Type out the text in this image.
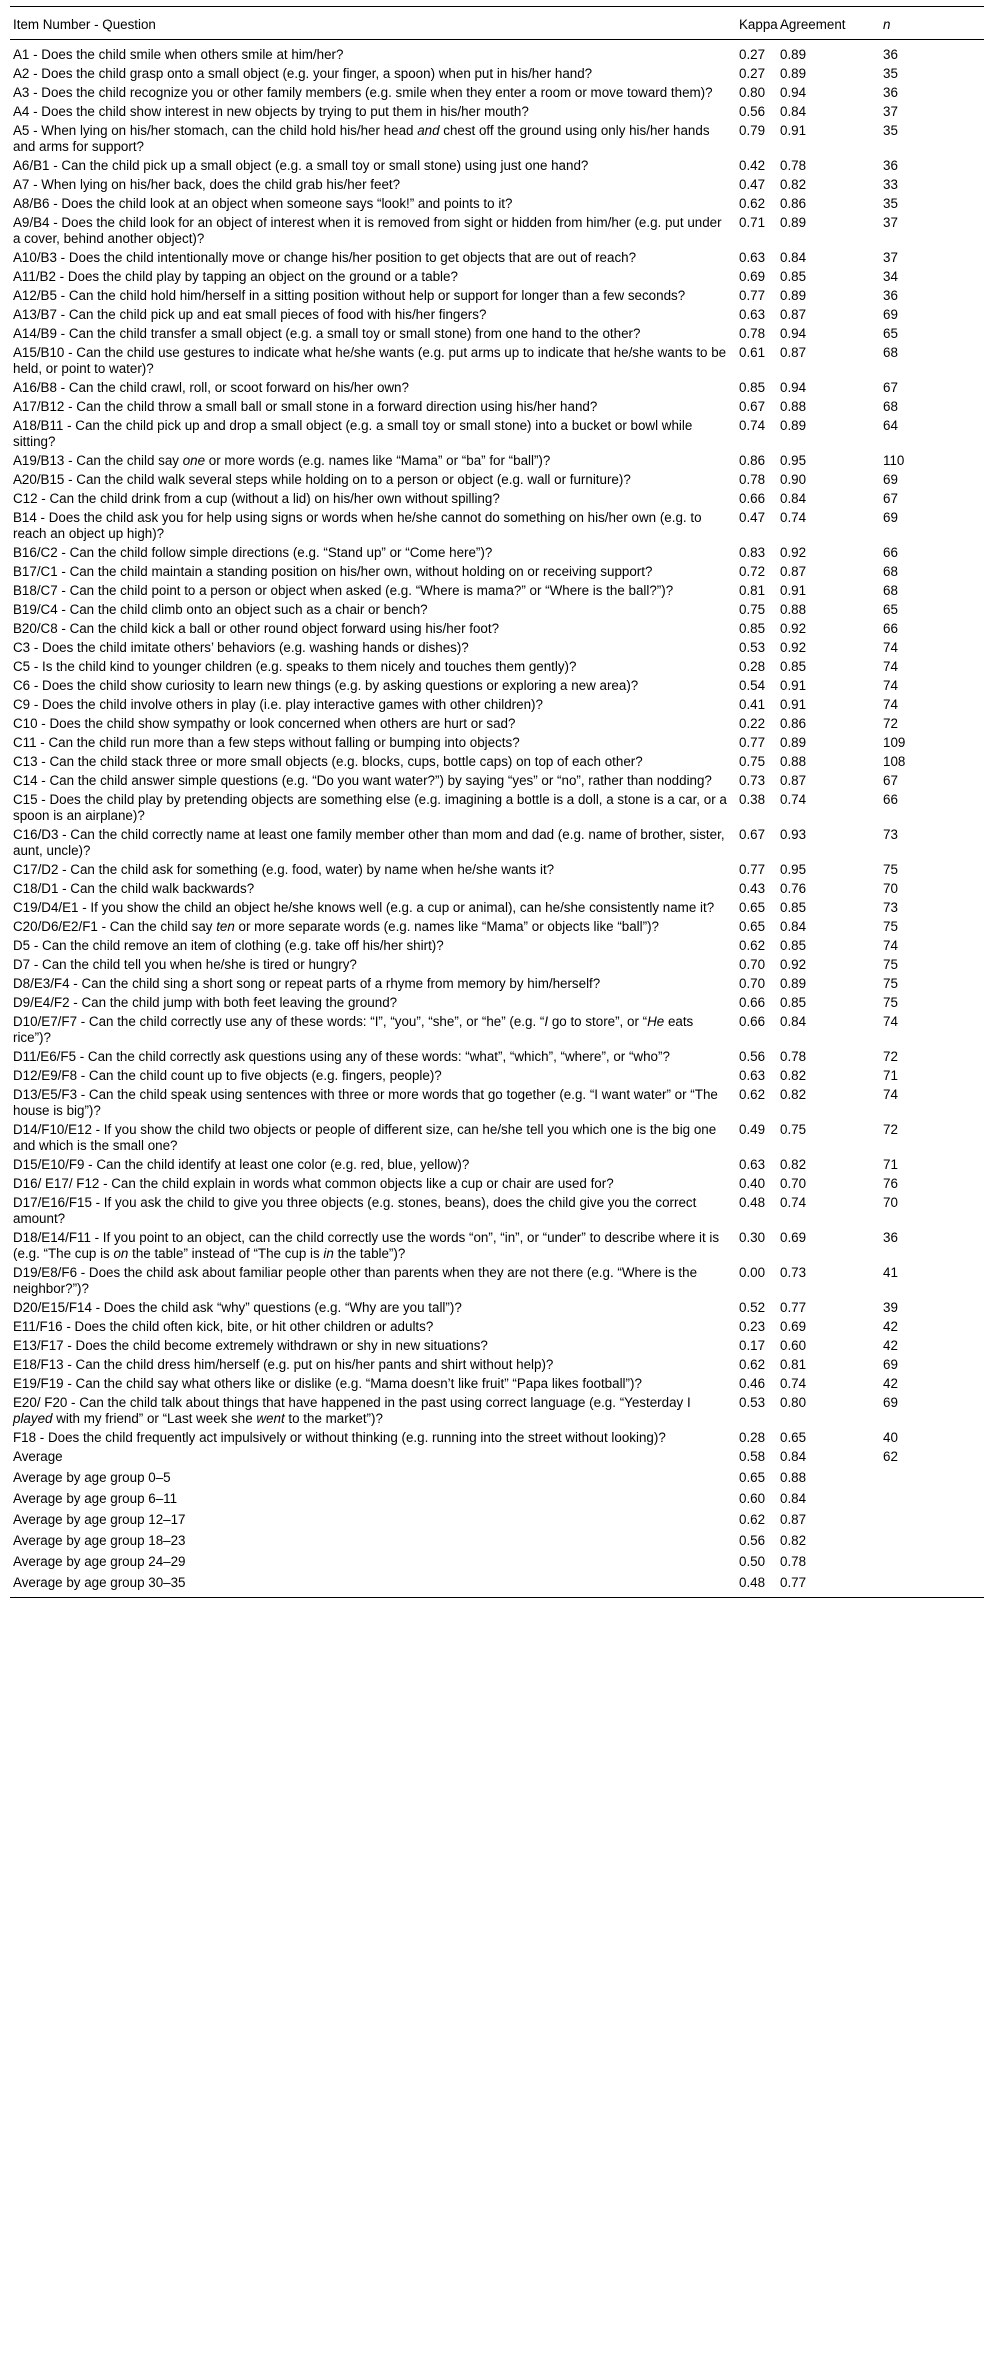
Item Number - Question	Kappa	Agreement	n
A1 - Does the child smile when others smile at him/her?	0.27	0.89	36
A2 - Does the child grasp onto a small object (e.g. your finger, a spoon) when put in his/her hand?	0.27	0.89	35
A3 - Does the child recognize you or other family members (e.g. smile when they enter a room or move toward them)?	0.80	0.94	36
A4 - Does the child show interest in new objects by trying to put them in his/her mouth?	0.56	0.84	37
A5 - When lying on his/her stomach, can the child hold his/her head and chest off the ground using only his/her hands and arms for support?	0.79	0.91	35
A6/B1 - Can the child pick up a small object (e.g. a small toy or small stone) using just one hand?	0.42	0.78	36
A7 - When lying on his/her back, does the child grab his/her feet?	0.47	0.82	33
A8/B6 - Does the child look at an object when someone says “look!” and points to it?	0.62	0.86	35
A9/B4 - Does the child look for an object of interest when it is removed from sight or hidden from him/her (e.g. put under a cover, behind another object)?	0.71	0.89	37
A10/B3 - Does the child intentionally move or change his/her position to get objects that are out of reach?	0.63	0.84	37
A11/B2 - Does the child play by tapping an object on the ground or a table?	0.69	0.85	34
A12/B5 - Can the child hold him/herself in a sitting position without help or support for longer than a few seconds?	0.77	0.89	36
A13/B7 - Can the child pick up and eat small pieces of food with his/her fingers?	0.63	0.87	69
A14/B9 - Can the child transfer a small object (e.g. a small toy or small stone) from one hand to the other?	0.78	0.94	65
A15/B10 - Can the child use gestures to indicate what he/she wants (e.g. put arms up to indicate that he/she wants to be held, or point to water)?	0.61	0.87	68
A16/B8 - Can the child crawl, roll, or scoot forward on his/her own?	0.85	0.94	67
A17/B12 - Can the child throw a small ball or small stone in a forward direction using his/her hand?	0.67	0.88	68
A18/B11 - Can the child pick up and drop a small object (e.g. a small toy or small stone) into a bucket or bowl while sitting?	0.74	0.89	64
A19/B13 - Can the child say one or more words (e.g. names like “Mama” or “ba” for “ball”)?	0.86	0.95	110
A20/B15 - Can the child walk several steps while holding on to a person or object (e.g. wall or furniture)?	0.78	0.90	69
C12 - Can the child drink from a cup (without a lid) on his/her own without spilling?	0.66	0.84	67
B14 - Does the child ask you for help using signs or words when he/she cannot do something on his/her own (e.g. to reach an object up high)?	0.47	0.74	69
B16/C2 - Can the child follow simple directions (e.g. “Stand up” or “Come here”)?	0.83	0.92	66
B17/C1 - Can the child maintain a standing position on his/her own, without holding on or receiving support?	0.72	0.87	68
B18/C7 - Can the child point to a person or object when asked (e.g. “Where is mama?” or “Where is the ball?”)?	0.81	0.91	68
B19/C4 - Can the child climb onto an object such as a chair or bench?	0.75	0.88	65
B20/C8 - Can the child kick a ball or other round object forward using his/her foot?	0.85	0.92	66
C3 - Does the child imitate others’ behaviors (e.g. washing hands or dishes)?	0.53	0.92	74
C5 - Is the child kind to younger children (e.g. speaks to them nicely and touches them gently)?	0.28	0.85	74
C6 - Does the child show curiosity to learn new things (e.g. by asking questions or exploring a new area)?	0.54	0.91	74
C9 - Does the child involve others in play (i.e. play interactive games with other children)?	0.41	0.91	74
C10 - Does the child show sympathy or look concerned when others are hurt or sad?	0.22	0.86	72
C11 - Can the child run more than a few steps without falling or bumping into objects?	0.77	0.89	109
C13 - Can the child stack three or more small objects (e.g. blocks, cups, bottle caps) on top of each other?	0.75	0.88	108
C14 - Can the child answer simple questions (e.g. “Do you want water?”) by saying “yes” or “no”, rather than nodding?	0.73	0.87	67
C15 - Does the child play by pretending objects are something else (e.g. imagining a bottle is a doll, a stone is a car, or a spoon is an airplane)?	0.38	0.74	66
C16/D3 - Can the child correctly name at least one family member other than mom and dad (e.g. name of brother, sister, aunt, uncle)?	0.67	0.93	73
C17/D2 - Can the child ask for something (e.g. food, water) by name when he/she wants it?	0.77	0.95	75
C18/D1 - Can the child walk backwards?	0.43	0.76	70
C19/D4/E1 - If you show the child an object he/she knows well (e.g. a cup or animal), can he/she consistently name it?	0.65	0.85	73
C20/D6/E2/F1 - Can the child say ten or more separate words (e.g. names like “Mama” or objects like “ball”)?	0.65	0.84	75
D5 - Can the child remove an item of clothing (e.g. take off his/her shirt)?	0.62	0.85	74
D7 - Can the child tell you when he/she is tired or hungry?	0.70	0.92	75
D8/E3/F4 - Can the child sing a short song or repeat parts of a rhyme from memory by him/herself?	0.70	0.89	75
D9/E4/F2 - Can the child jump with both feet leaving the ground?	0.66	0.85	75
D10/E7/F7 - Can the child correctly use any of these words: “I”, “you”, “she”, or “he” (e.g. “I go to store”, or “He eats rice”)?	0.66	0.84	74
D11/E6/F5 - Can the child correctly ask questions using any of these words: “what”, “which”, “where”, or “who”?	0.56	0.78	72
D12/E9/F8 - Can the child count up to five objects (e.g. fingers, people)?	0.63	0.82	71
D13/E5/F3 - Can the child speak using sentences with three or more words that go together (e.g. “I want water” or “The house is big”)?	0.62	0.82	74
D14/F10/E12 - If you show the child two objects or people of different size, can he/she tell you which one is the big one and which is the small one?	0.49	0.75	72
D15/E10/F9 - Can the child identify at least one color (e.g. red, blue, yellow)?	0.63	0.82	71
D16/ E17/ F12 - Can the child explain in words what common objects like a cup or chair are used for?	0.40	0.70	76
D17/E16/F15 - If you ask the child to give you three objects (e.g. stones, beans), does the child give you the correct amount?	0.48	0.74	70
D18/E14/F11 - If you point to an object, can the child correctly use the words “on”, “in”, or “under” to describe where it is (e.g. “The cup is on the table” instead of “The cup is in the table”)?	0.30	0.69	36
D19/E8/F6 - Does the child ask about familiar people other than parents when they are not there (e.g. “Where is the neighbor?”)?	0.00	0.73	41
D20/E15/F14 - Does the child ask “why” questions (e.g. “Why are you tall”)?	0.52	0.77	39
E11/F16 - Does the child often kick, bite, or hit other children or adults?	0.23	0.69	42
E13/F17 - Does the child become extremely withdrawn or shy in new situations?	0.17	0.60	42
E18/F13 - Can the child dress him/herself (e.g. put on his/her pants and shirt without help)?	0.62	0.81	69
E19/F19 - Can the child say what others like or dislike (e.g. “Mama doesn’t like fruit” “Papa likes football”)?	0.46	0.74	42
E20/ F20 - Can the child talk about things that have happened in the past using correct language (e.g. “Yesterday I played with my friend” or “Last week she went to the market”)?	0.53	0.80	69
F18 - Does the child frequently act impulsively or without thinking (e.g. running into the street without looking)?	0.28	0.65	40
Average	0.58	0.84	62
Average by age group 0–5	0.65	0.88	
Average by age group 6–11	0.60	0.84	
Average by age group 12–17	0.62	0.87	
Average by age group 18–23	0.56	0.82	
Average by age group 24–29	0.50	0.78	
Average by age group 30–35	0.48	0.77	
